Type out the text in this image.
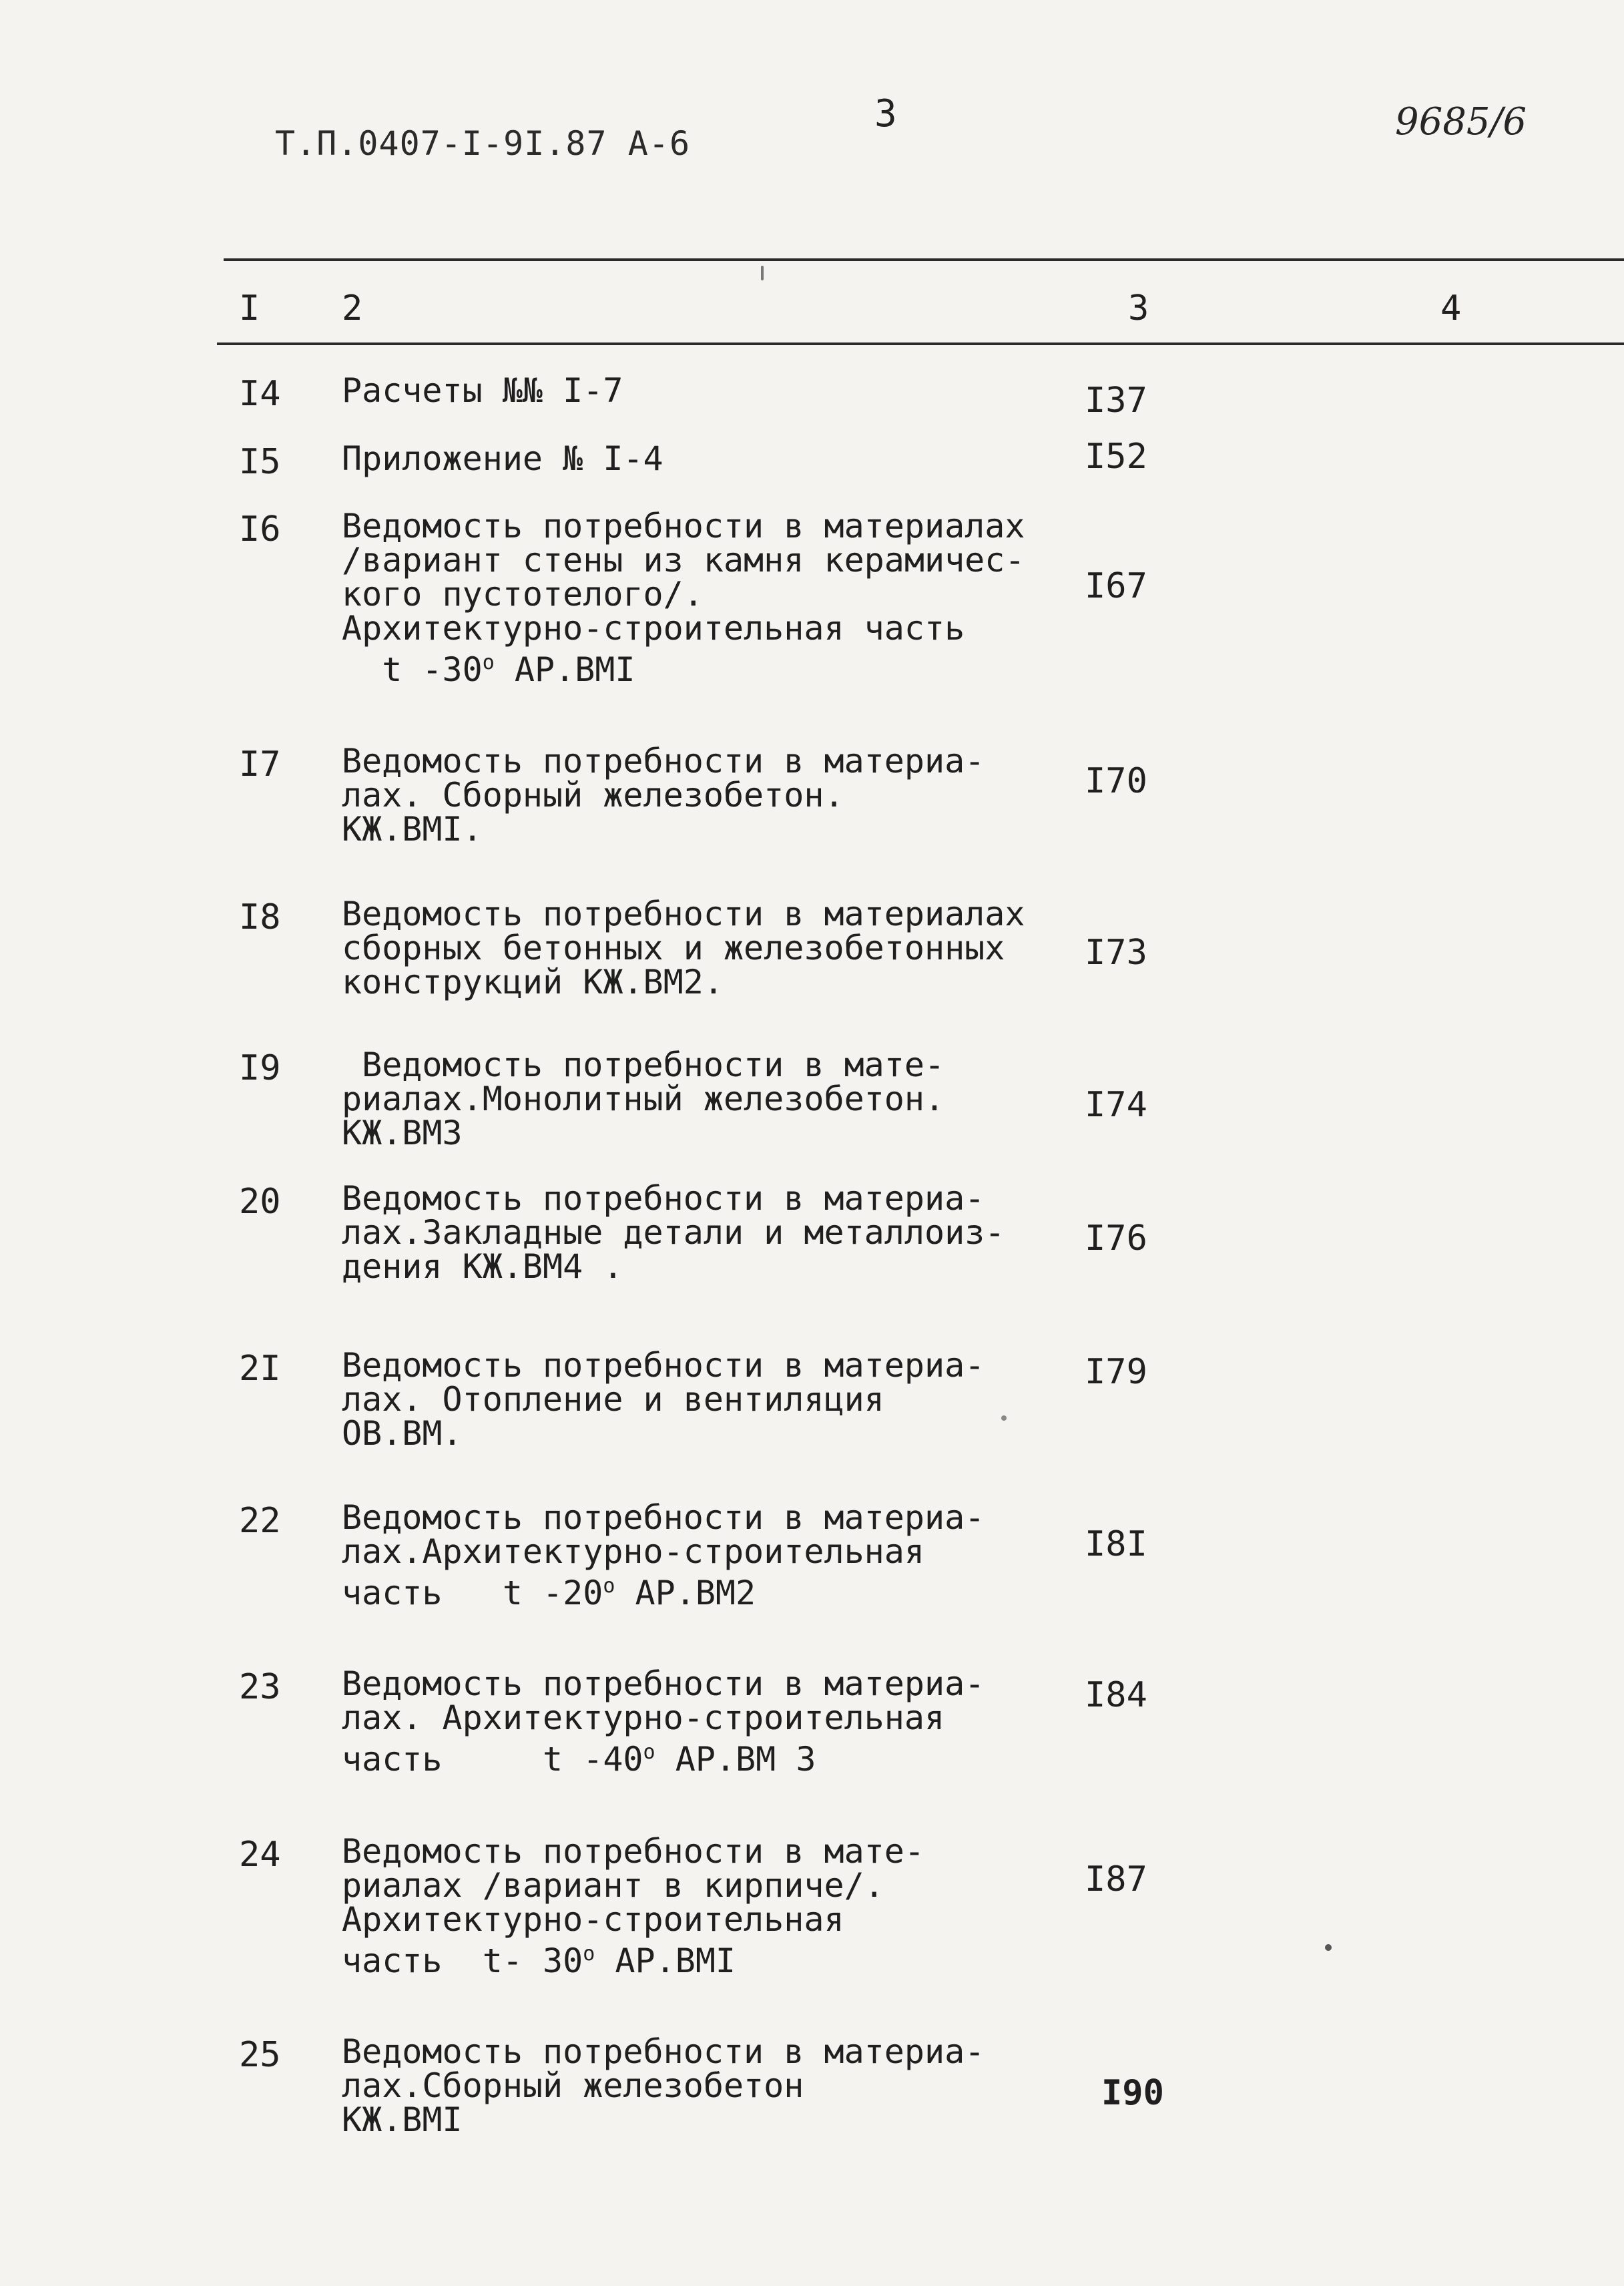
Т.П.0407-I-9I.87 А-6
3	9685/6
I 2	3	4
I4 Расчеты №№ I-7	I37
I5 Приложение № I-4	I52
I6 Ведомость потребности в материалах
/вариант стены из камня керамичес-
кого пустотелого/.
Архитектурно-строительная часть
t -30$^o$ АР.ВМI
I67
I7 Ведомость потребности в материа-
лах. Сборный железобетон.
КЖ.ВМI.
I70
I8 Ведомость потребности в материалах
сборных бетонных и железобетонных
конструкций КЖ.ВМ2.
I73
I9 Ведомость потребности в мате-
риалах.Монолитный железобетон.
КЖ.ВМ3
I74
20 Ведомость потребности в материа-
лах.Закладные детали и металлоиз-
дения КЖ.ВМ4 .
I76
2I Ведомость потребности в материа-
лах. Отопление и вентиляция
ОВ.ВМ.
I79
22 Ведомость потребности в материа-
лах.Архитектурно-строительная
часть   t -20$^o$ АР.ВМ2
I8I
23 Ведомость потребности в материа-
лах. Архитектурно-строительная
часть     t -40$^o$ АР.ВМ 3
I84
24 Ведомость потребности в мате-
риалах /вариант в кирпиче/.
Архитектурно-строительная
часть  t- 30$^o$ АР.ВМI
I87
25 Ведомость потребности в материа-
лах.Сборный железобетон
КЖ.ВМI
I90
